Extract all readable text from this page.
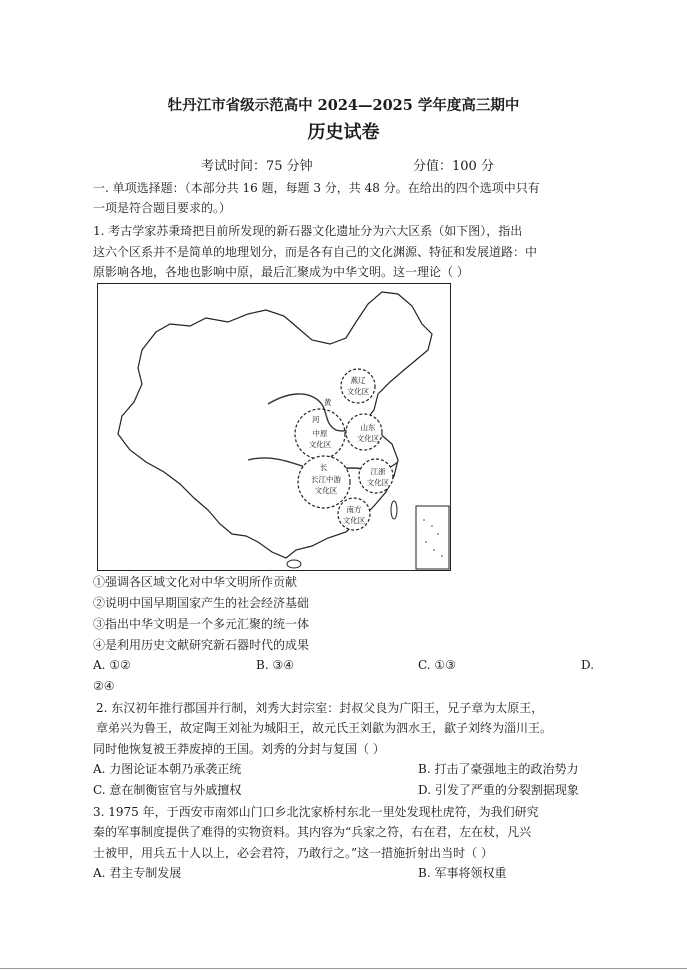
牡丹江市省级示范高中 2024—2025 学年度高三期中
历史试卷
考试时间：75 分钟	分值：100 分
一. 单项选择题：（本部分共 16 题，每题 3 分，共 48 分。在给出的四个选项中只有
一项是符合题目要求的。）
1. 考古学家苏秉琦把目前所发现的新石器文化遗址分为六大区系（如下图），指出
这六个区系并不是简单的地理划分，而是各有自己的文化渊源、特征和发展道路：中
原影响各地，各地也影响中原，最后汇聚成为中华文明。这一理论（ ）
燕辽
文化区
中原
文化区
山东
文化区
江浙
文化区
长江中游
文化区
南方
文化区
黄
河
长
①强调各区域文化对中华文明所作贡献
②说明中国早期国家产生的社会经济基础
③指出中华文明是一个多元汇聚的统一体
④是利用历史文献研究新石器时代的成果
A. ①②	B. ③④	C. ①③	D.
②④
2. 东汉初年推行郡国并行制，刘秀大封宗室：封叔父良为广阳王，兄子章为太原王，
章弟兴为鲁王，故定陶王刘祉为城阳王，故元氏王刘歙为泗水王，歙子刘终为淄川王。
同时他恢复被王莽废掉的王国。刘秀的分封与复国（ ）
A. 力图论证本朝乃承袭正统	B. 打击了豪强地主的政治势力
C. 意在制衡宦官与外戚擅权	D. 引发了严重的分裂割据现象
3. 1975 年，于西安市南郊山门口乡北沈家桥村东北一里处发现杜虎符，为我们研究
秦的军事制度提供了难得的实物资料。其内容为“兵家之符，右在君，左在杖，凡兴
士被甲，用兵五十人以上，必会君符，乃敢行之。”这一措施折射出当时（ ）
A. 君主专制发展	B. 军事将领权重
